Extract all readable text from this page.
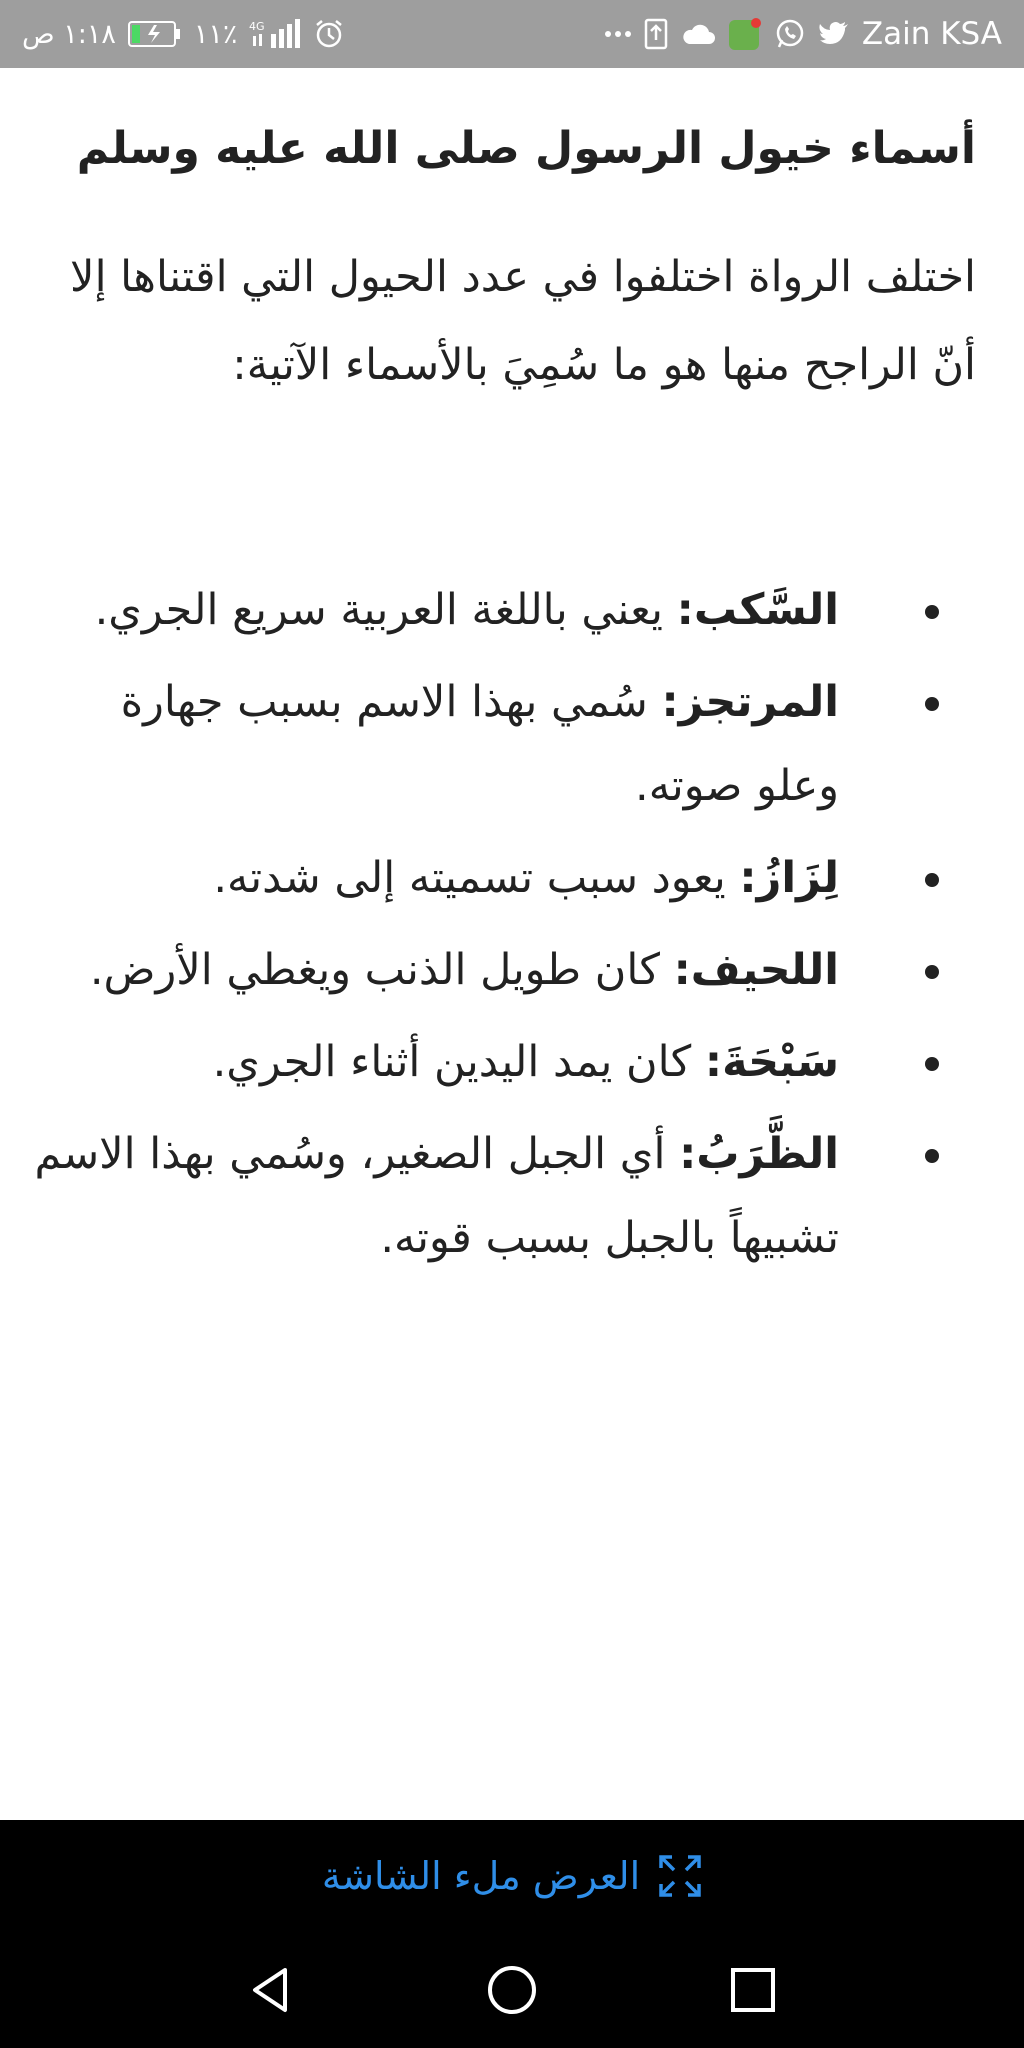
١:١٨ ص	١١٪ 4G	Zain KSA
أسماء خيول الرسول صلى الله عليه وسلم

اختلف الرواة اختلفوا في عدد الحيول التي اقتناها إلا أنّ الراجح منها هو ما سُمِيَ بالأسماء الآتية:

السَّكب: يعني باللغة العربية سريع الجري.
المرتجز: سُمي بهذا الاسم بسبب جهارة وعلو صوته.
لِزَازُ: يعود سبب تسميته إلى شدته.
اللحيف: كان طويل الذنب ويغطي الأرض.
سَبْحَةَ: كان يمد اليدين أثناء الجري.
الظَّرَبُ: أي الجبل الصغير، وسُمي بهذا الاسم تشبيهاً بالجبل بسبب قوته.
العرض ملء الشاشة
